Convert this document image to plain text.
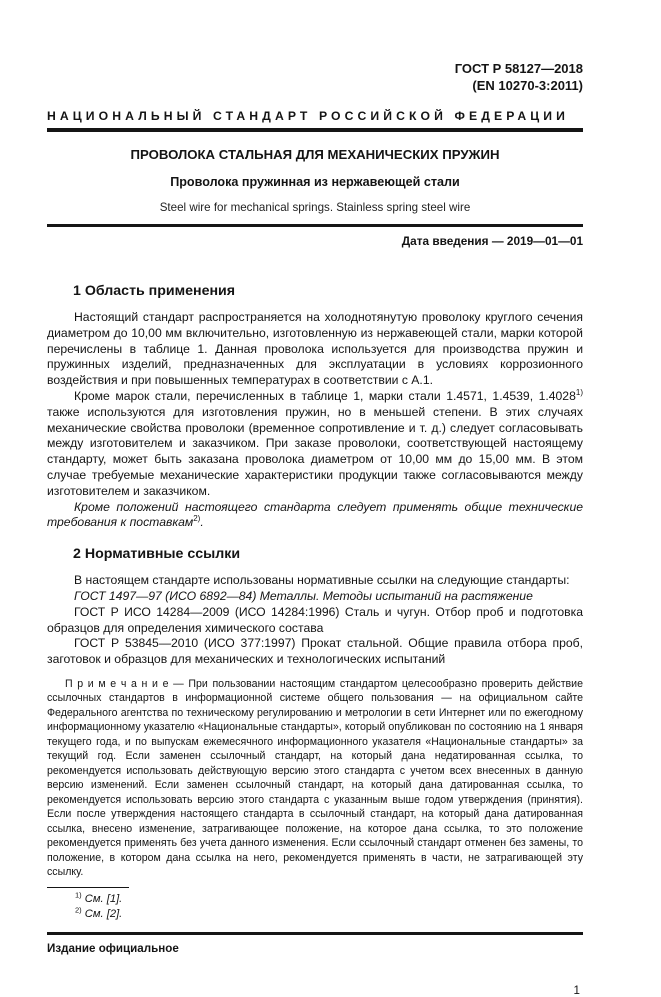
ГОСТ Р 58127—2018
(EN 10270-3:2011)
НАЦИОНАЛЬНЫЙ СТАНДАРТ РОССИЙСКОЙ ФЕДЕРАЦИИ
ПРОВОЛОКА СТАЛЬНАЯ ДЛЯ МЕХАНИЧЕСКИХ ПРУЖИН
Проволока пружинная из нержавеющей стали
Steel wire for mechanical springs. Stainless spring steel wire
Дата введения — 2019—01—01
1 Область применения

Настоящий стандарт распространяется на холоднотянутую проволоку круглого сечения диаметром до 10,00 мм включительно, изготовленную из нержавеющей стали, марки которой перечислены в таблице 1. Данная проволока используется для производства пружин и пружинных изделий, предназначенных для эксплуатации в условиях коррозионного воздействия и при повышенных температурах в соответствии с А.1.

Кроме марок стали, перечисленных в таблице 1, марки стали 1.4571, 1.4539, 1.4028$^{1)}$ также используются для изготовления пружин, но в меньшей степени. В этих случаях механические свойства проволоки (временное сопротивление и т. д.) следует согласовывать между изготовителем и заказчиком. При заказе проволоки, соответствующей настоящему стандарту, может быть заказана проволока диаметром от 10,00 мм до 15,00 мм. В этом случае требуемые механические характеристики продукции также согласовываются между изготовителем и заказчиком.

Кроме положений настоящего стандарта следует применять общие технические требования к поставкам$^{2)}$.

2 Нормативные ссылки

В настоящем стандарте использованы нормативные ссылки на следующие стандарты:

ГОСТ 1497—97 (ИСО 6892—84) Металлы. Методы испытаний на растяжение

ГОСТ Р ИСО 14284—2009 (ИСО 14284:1996) Сталь и чугун. Отбор проб и подготовка образцов для определения химического состава

ГОСТ Р 53845—2010 (ИСО 377:1997) Прокат стальной. Общие правила отбора проб, заготовок и образцов для механических и технологических испытаний

П р и м е ч а н и е — При пользовании настоящим стандартом целесообразно проверить действие ссылочных стандартов в информационной системе общего пользования — на официальном сайте Федерального агентства по техническому регулированию и метрологии в сети Интернет или по ежегодному информационному указателю «Национальные стандарты», который опубликован по состоянию на 1 января текущего года, и по выпускам ежемесячного информационного указателя «Национальные стандарты» за текущий год. Если заменен ссылочный стандарт, на который дана недатированная ссылка, то рекомендуется использовать действующую версию этого стандарта с учетом всех внесенных в данную версию изменений. Если заменен ссылочный стандарт, на который дана датированная ссылка, то рекомендуется использовать версию этого стандарта с указанным выше годом утверждения (принятия). Если после утверждения настоящего стандарта в ссылочный стандарт, на который дана датированная ссылка, внесено изменение, затрагивающее положение, на которое дана ссылка, то это положение рекомендуется применять без учета данного изменения. Если ссылочный стандарт отменен без замены, то положение, в котором дана ссылка на него, рекомендуется применять в части, не затрагивающей эту ссылку.
$^{1)}$ См. [1].
$^{2)}$ См. [2].
Издание официальное
1
